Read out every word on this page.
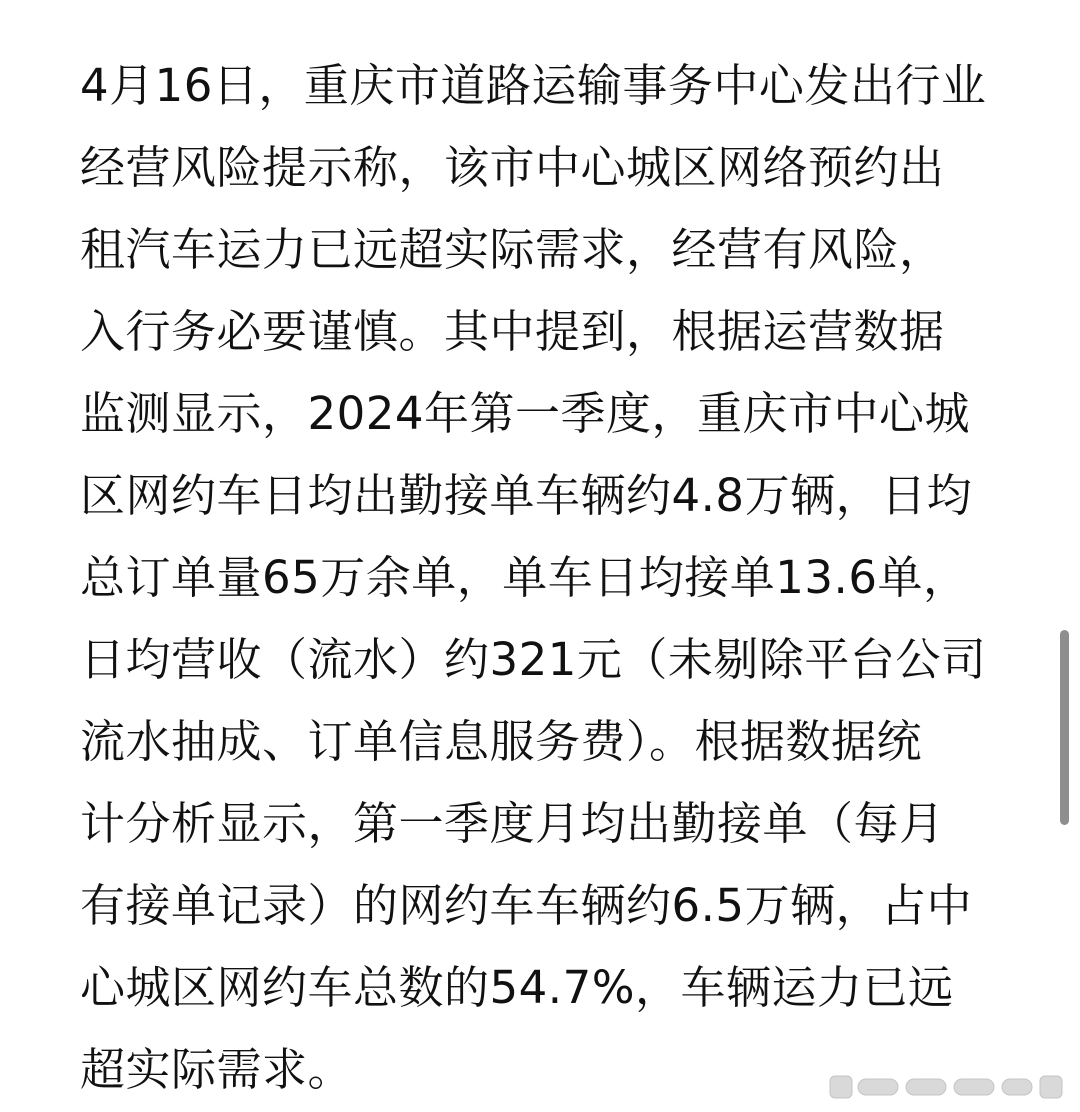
4月16日，重庆市道路运输事务中心发出行业
经营风险提示称，该市中心城区网络预约出
租汽车运力已远超实际需求，经营有风险，
入行务必要谨慎。其中提到，根据运营数据
监测显示，2024年第一季度，重庆市中心城
区网约车日均出勤接单车辆约4.8万辆，日均
总订单量65万余单，单车日均接单13.6单，
日均营收（流水）约321元（未剔除平台公司
流水抽成、订单信息服务费）。根据数据统
计分析显示，第一季度月均出勤接单（每月
有接单记录）的网约车车辆约6.5万辆，占中
心城区网约车总数的54.7%，车辆运力已远
超实际需求。
